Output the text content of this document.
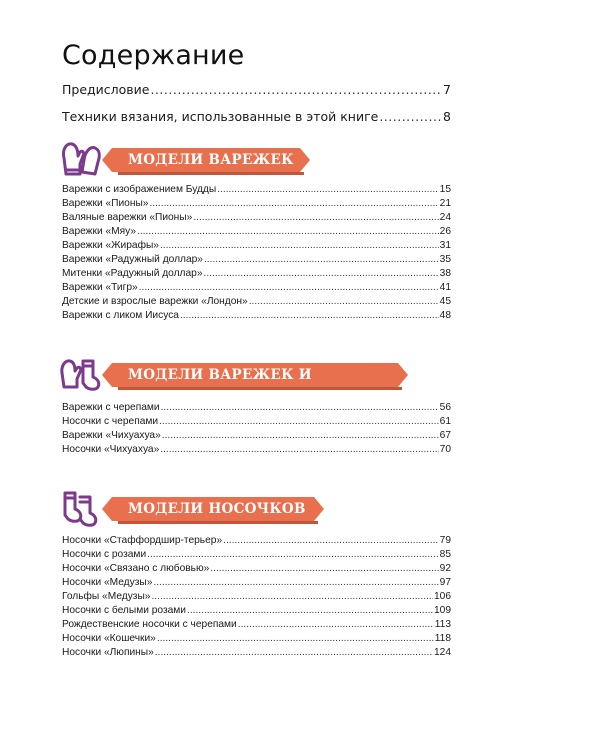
Содержание
Предисловие .....	7
Техники вязания, использованные в этой книге .....	8
МОДЕЛИ ВАРЕЖЕК
Варежки с изображением Будды .....	15
Варежки «Пионы» .....	21
Валяные варежки «Пионы» .....	24
Варежки «Мяу» .....	26
Варежки «Жирафы» .....	31
Варежки «Радужный доллар» .....	35
Митенки «Радужный доллар» .....	38
Варежки «Тигр» .....	41
Детские и взрослые варежки «Лондон» .....	45
Варежки с ликом Иисуса .....	48
МОДЕЛИ ВАРЕЖЕК И НОСОЧКОВ
Варежки с черепами .....	56
Носочки с черепами .....	61
Варежки «Чихуахуа» .....	67
Носочки «Чихуахуа» .....	70
МОДЕЛИ НОСОЧКОВ
Носочки «Стаффордшир-терьер» .....	79
Носочки с розами .....	85
Носочки «Связано с любовью» .....	92
Носочки «Медузы» .....	97
Гольфы «Медузы» .....	106
Носочки с белыми розами .....	109
Рождественские носочки с черепами .....	113
Носочки «Кошечки» .....	118
Носочки «Люпины» .....	124
